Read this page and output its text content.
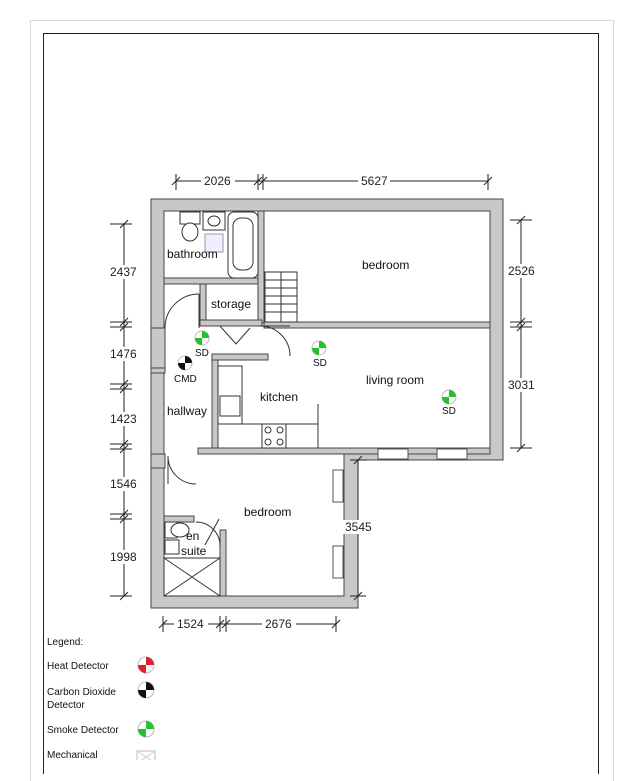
bathroom
storage
bedroom
kitchen
living room
hallway
bedroom
en
suite
SD
SD
SD
CMD
2026	5627
2437
1476
1423
1546
1998
2526
3031
3545
1524	2676
Legend:
Heat Detector
Carbon Dioxide
Detector
Smoke Detector
Mechanical
